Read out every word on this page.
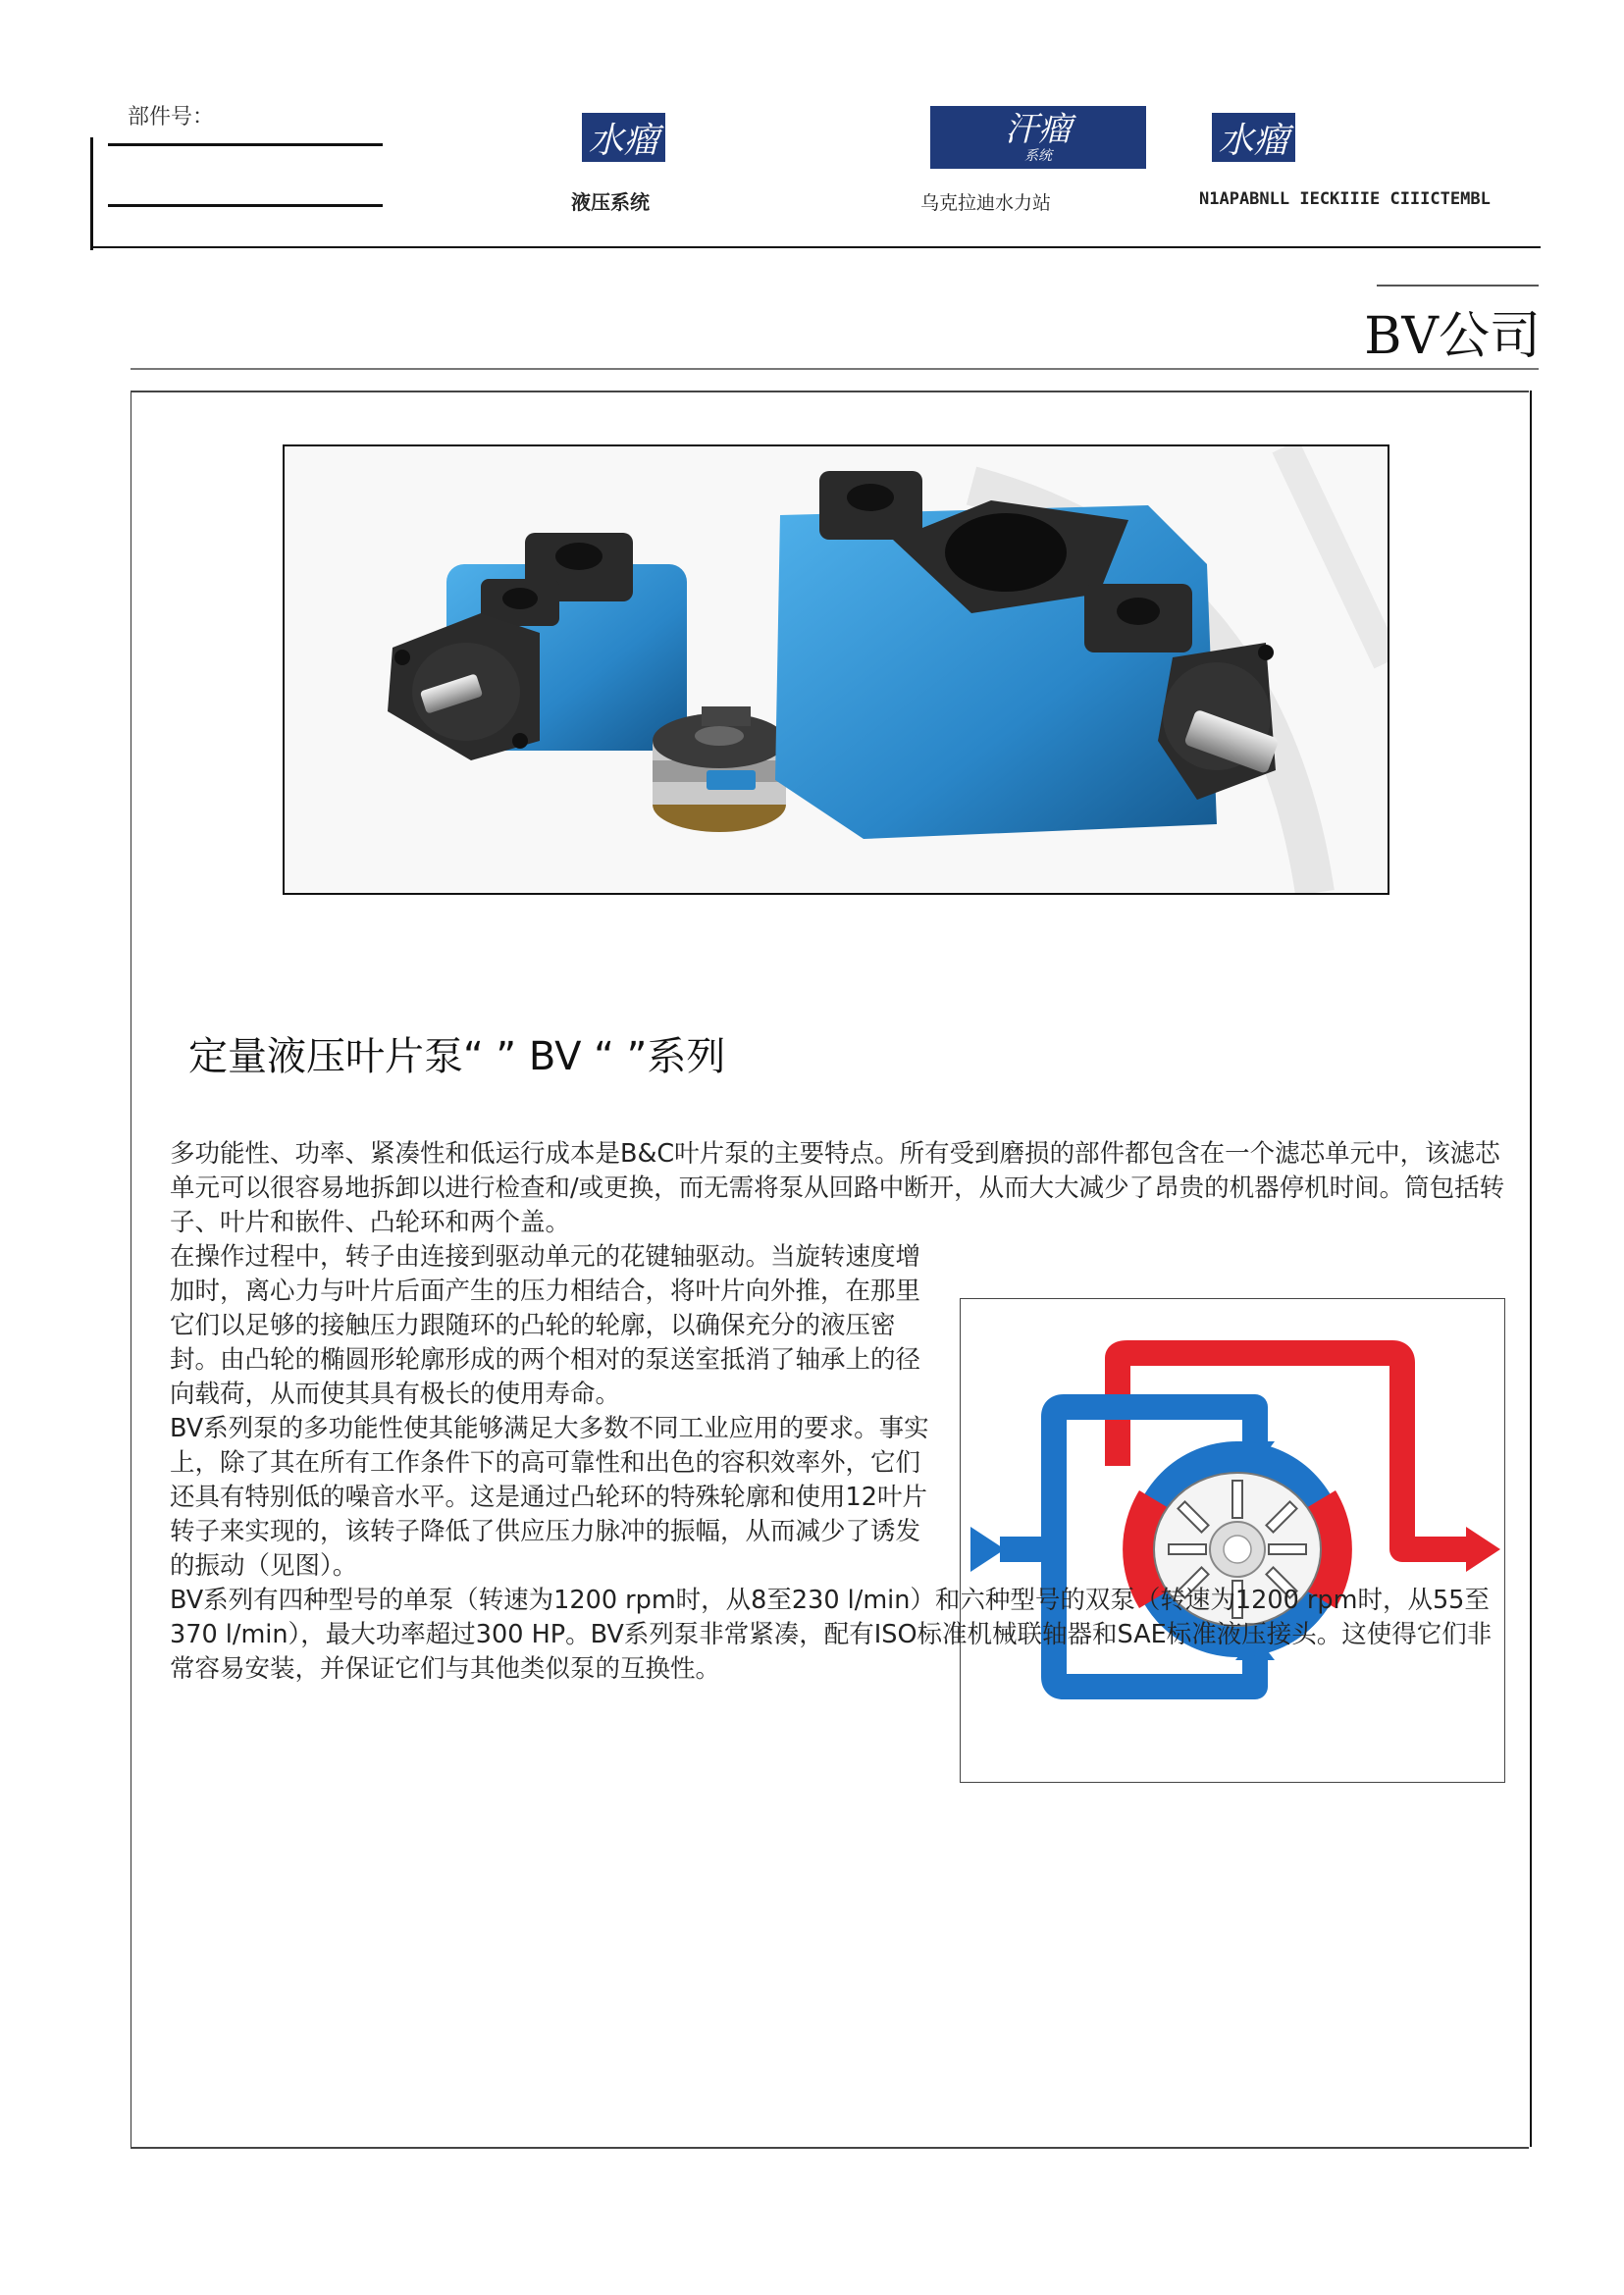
部件号：
水瘤
液压系统
汗瘤
系统
乌克拉迪水力站
水瘤
N1APABNLL IECKIIIE CIIICTEMBL
BV公司
定量液压叶片泵“ ” BV “ ”系列
多功能性、功率、紧凑性和低运行成本是B&C叶片泵的主要特点。所有受到磨损的部件都包含在一个滤芯单元中，该滤芯单元可以很容易地拆卸以进行检查和/或更换，而无需将泵从回路中断开，从而大大减少了昂贵的机器停机时间。筒包括转子、叶片和嵌件、凸轮环和两个盖。
在操作过程中，转子由连接到驱动单元的花键轴驱动。当旋转速度增加时，离心力与叶片后面产生的压力相结合，将叶片向外推，在那里它们以足够的接触压力跟随环的凸轮的轮廓，以确保充分的液压密封。由凸轮的椭圆形轮廓形成的两个相对的泵送室抵消了轴承上的径向载荷，从而使其具有极长的使用寿命。
BV系列泵的多功能性使其能够满足大多数不同工业应用的要求。事实上，除了其在所有工作条件下的高可靠性和出色的容积效率外，它们还具有特别低的噪音水平。这是通过凸轮环的特殊轮廓和使用12叶片转子来实现的，该转子降低了供应压力脉冲的振幅，从而减少了诱发的振动（见图）。
BV系列有四种型号的单泵（转速为1200 rpm时，从8至230 l/min）和六种型号的双泵（转速为1200 rpm时，从55至370 l/min），最大功率超过300 HP。BV系列泵非常紧凑，配有ISO标准机械联轴器和SAE标准液压接头。这使得它们非常容易安装，并保证它们与其他类似泵的互换性。
